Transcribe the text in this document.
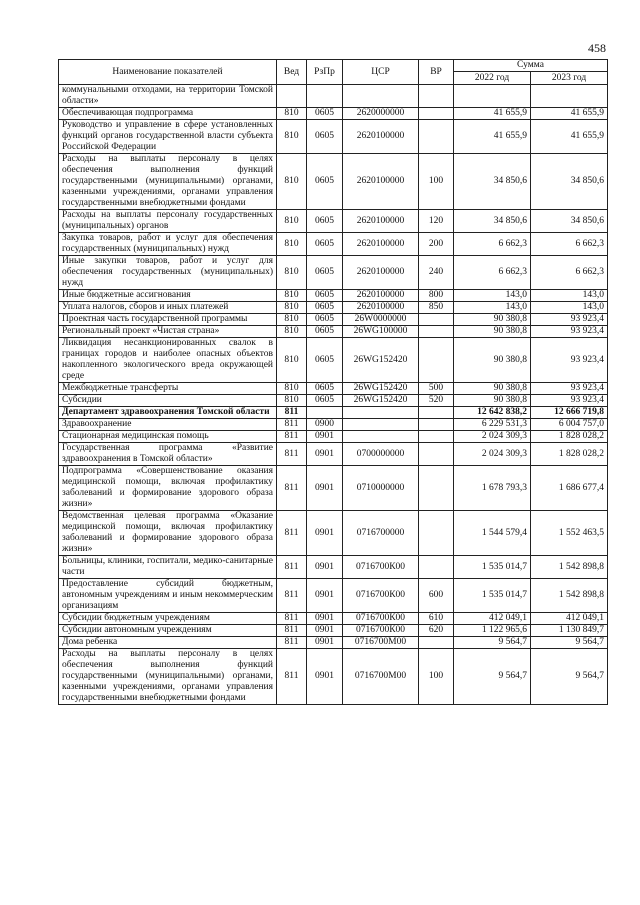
458
Наименование показателей	Вед	РзПр	ЦСР	ВР	Сумма	
					2022 год	2023 год
коммунальными отходами, на территории Томской области»						
Обеспечивающая подпрограмма	810	0605	2620000000		41 655,9	41 655,9
Руководство и управление в сфере установленных функций органов государственной власти субъекта Российской Федерации	810	0605	2620100000		41 655,9	41 655,9
Расходы на выплаты персоналу в целях обеспечения выполнения функций государственными (муниципальными) органами, казенными учреждениями, органами управления государственными внебюджетными фондами	810	0605	2620100000	100	34 850,6	34 850,6
Расходы на выплаты персоналу государственных (муниципальных) органов	810	0605	2620100000	120	34 850,6	34 850,6
Закупка товаров, работ и услуг для обеспечения государственных (муниципальных) нужд	810	0605	2620100000	200	6 662,3	6 662,3
Иные закупки товаров, работ и услуг для обеспечения государственных (муниципальных) нужд	810	0605	2620100000	240	6 662,3	6 662,3
Иные бюджетные ассигнования	810	0605	2620100000	800	143,0	143,0
Уплата налогов, сборов и иных платежей	810	0605	2620100000	850	143,0	143,0
Проектная часть государственной программы	810	0605	26W0000000		90 380,8	93 923,4
Региональный проект «Чистая страна»	810	0605	26WG100000		90 380,8	93 923,4
Ликвидация несанкционированных свалок в границах городов и наиболее опасных объектов накопленного экологического вреда окружающей среде	810	0605	26WG152420		90 380,8	93 923,4
Межбюджетные трансферты	810	0605	26WG152420	500	90 380,8	93 923,4
Субсидии	810	0605	26WG152420	520	90 380,8	93 923,4
Департамент здравоохранения Томской области	811				12 642 838,2	12 666 719,8
Здравоохранение	811	0900			6 229 531,3	6 004 757,0
Стационарная медицинская помощь	811	0901			2 024 309,3	1 828 028,2
Государственная программа «Развитие здравоохранения в Томской области»	811	0901	0700000000		2 024 309,3	1 828 028,2
Подпрограмма «Совершенствование оказания медицинской помощи, включая профилактику заболеваний и формирование здорового образа жизни»	811	0901	0710000000		1 678 793,3	1 686 677,4
Ведомственная целевая программа «Оказание медицинской помощи, включая профилактику заболеваний и формирование здорового образа жизни»	811	0901	0716700000		1 544 579,4	1 552 463,5
Больницы, клиники, госпитали, медико-санитарные части	811	0901	0716700К00		1 535 014,7	1 542 898,8
Предоставление субсидий бюджетным, автономным учреждениям и иным некоммерческим организациям	811	0901	0716700К00	600	1 535 014,7	1 542 898,8
Субсидии бюджетным учреждениям	811	0901	0716700К00	610	412 049,1	412 049,1
Субсидии автономным учреждениям	811	0901	0716700К00	620	1 122 965,6	1 130 849,7
Дома ребенка	811	0901	0716700М00		9 564,7	9 564,7
Расходы на выплаты персоналу в целях обеспечения выполнения функций государственными (муниципальными) органами, казенными учреждениями, органами управления государственными внебюджетными фондами	811	0901	0716700М00	100	9 564,7	9 564,7
